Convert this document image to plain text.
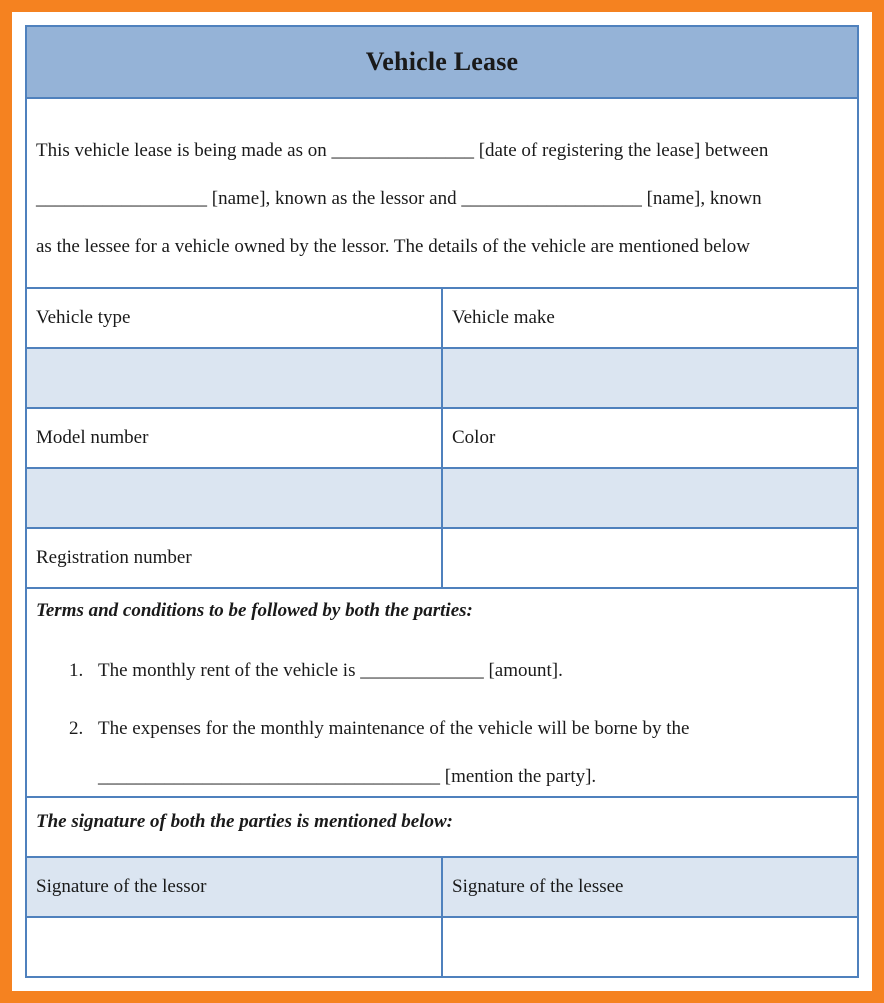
Vehicle Lease
This vehicle lease is being made as on _______________ [date of registering the lease] between
__________________ [name], known as the lessor and ___________________ [name], known
as the lessee for a vehicle owned by the lessor. The details of the vehicle are mentioned below
Vehicle type	Vehicle make
Model number	Color
Registration number
Terms and conditions to be followed by both the parties:
1. The monthly rent of the vehicle is _____________ [amount].
2. The expenses for the monthly maintenance of the vehicle will be borne by the
____________________________________ [mention the party].
The signature of both the parties is mentioned below:
Signature of the lessor	Signature of the lessee
